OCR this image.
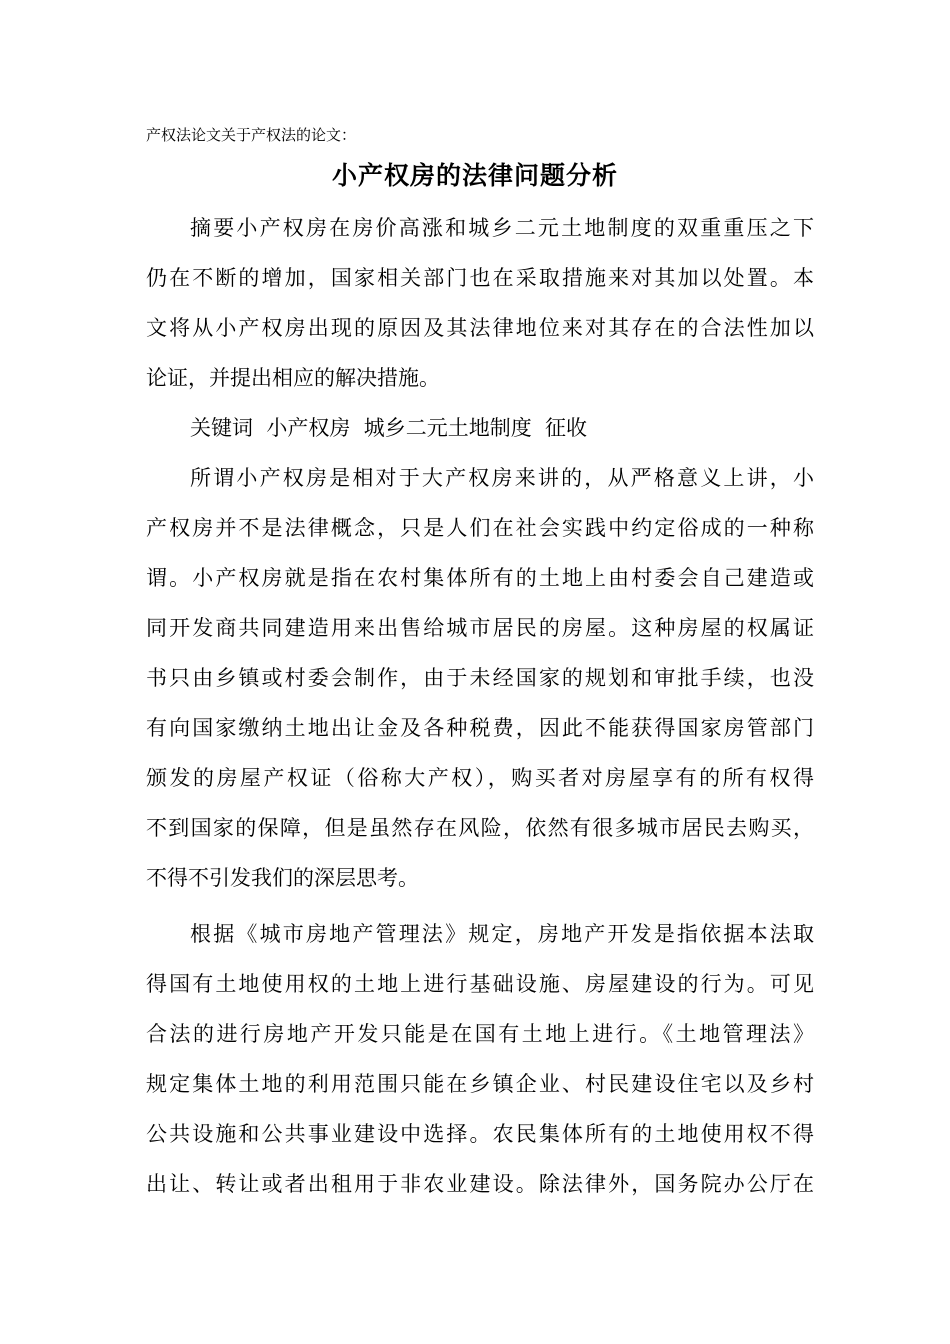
产权法论文关于产权法的论文：
小产权房的法律问题分析
摘要小产权房在房价高涨和城乡二元土地制度的双重重压之下
仍在不断的增加，国家相关部门也在采取措施来对其加以处置。本
文将从小产权房出现的原因及其法律地位来对其存在的合法性加以
论证，并提出相应的解决措施。
关键词  小产权房  城乡二元土地制度  征收
所谓小产权房是相对于大产权房来讲的，从严格意义上讲，小
产权房并不是法律概念，只是人们在社会实践中约定俗成的一种称
谓。小产权房就是指在农村集体所有的土地上由村委会自己建造或
同开发商共同建造用来出售给城市居民的房屋。这种房屋的权属证
书只由乡镇或村委会制作，由于未经国家的规划和审批手续，也没
有向国家缴纳土地出让金及各种税费，因此不能获得国家房管部门
颁发的房屋产权证（俗称大产权），购买者对房屋享有的所有权得
不到国家的保障，但是虽然存在风险，依然有很多城市居民去购买，
不得不引发我们的深层思考。
根据《城市房地产管理法》规定，房地产开发是指依据本法取
得国有土地使用权的土地上进行基础设施、房屋建设的行为。可见
合法的进行房地产开发只能是在国有土地上进行。《土地管理法》
规定集体土地的利用范围只能在乡镇企业、村民建设住宅以及乡村
公共设施和公共事业建设中选择。农民集体所有的土地使用权不得
出让、转让或者出租用于非农业建设。除法律外，国务院办公厅在
